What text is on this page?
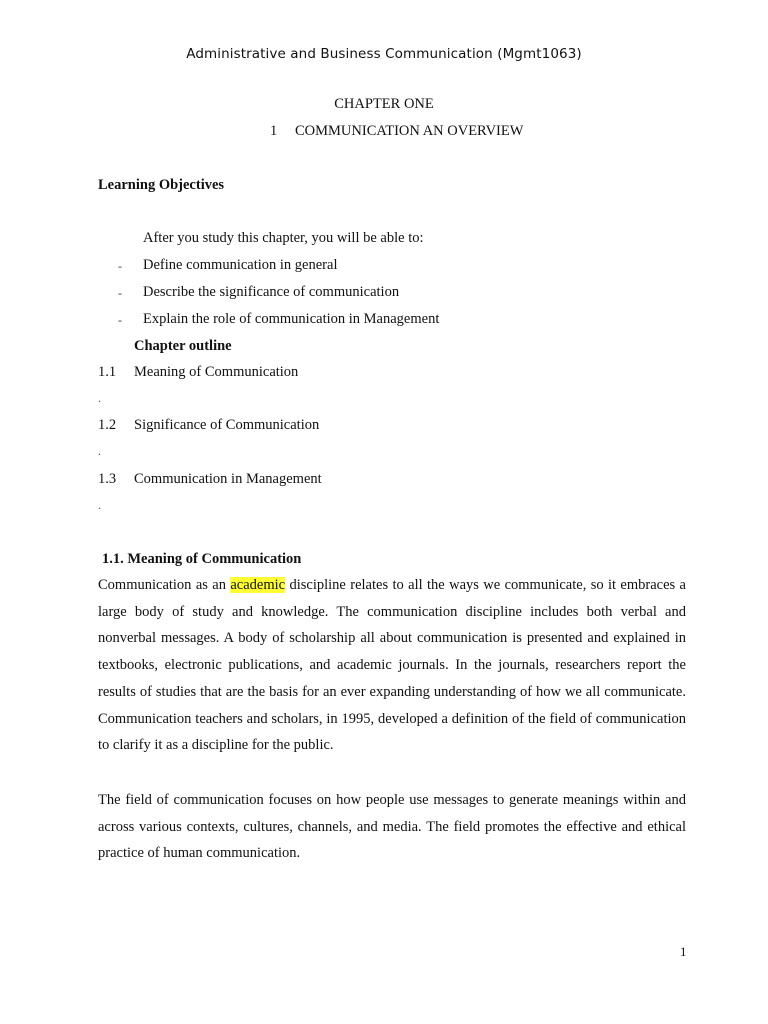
Administrative and Business Communication (Mgmt1063)
CHAPTER ONE
1 COMMUNICATION AN OVERVIEW
Learning Objectives
After you study this chapter, you will be able to:
- Define communication in general
- Describe the significance of communication
- Explain the role of communication in Management
Chapter outline
1.1 Meaning of Communication
.
1.2 Significance of Communication
.
1.3 Communication in Management
.
1.1. Meaning of Communication

Communication as an academic discipline relates to all the ways we communicate, so it embraces a large body of study and knowledge. The communication discipline includes both verbal and nonverbal messages. A body of scholarship all about communication is presented and explained in textbooks, electronic publications, and academic journals. In the journals, researchers report the results of studies that are the basis for an ever expanding understanding of how we all communicate. Communication teachers and scholars, in 1995, developed a definition of the field of communication to clarify it as a discipline for the public.

The field of communication focuses on how people use messages to generate meanings within and across various contexts, cultures, channels, and media. The field promotes the effective and ethical practice of human communication.

1
